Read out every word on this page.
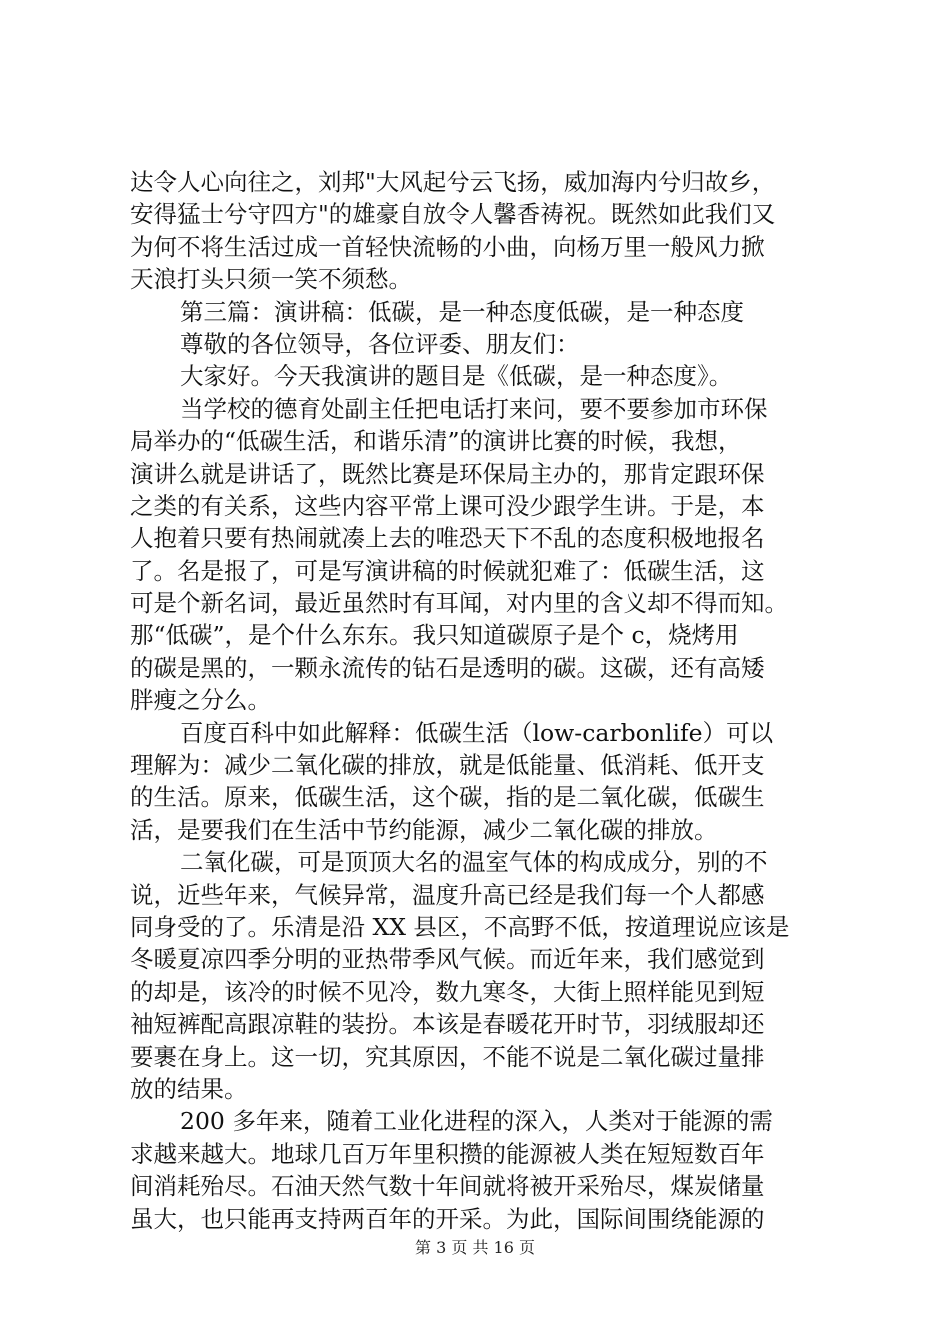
达令人心向往之，刘邦"大风起兮云飞扬，威加海内兮归故乡，
安得猛士兮守四方"的雄豪自放令人馨香祷祝。既然如此我们又
为何不将生活过成一首轻快流畅的小曲，向杨万里一般风力掀
天浪打头只须一笑不须愁。
第三篇：演讲稿：低碳，是一种态度低碳，是一种态度
尊敬的各位领导，各位评委、朋友们：
大家好。今天我演讲的题目是《低碳，是一种态度》。
当学校的德育处副主任把电话打来问，要不要参加市环保
局举办的“低碳生活，和谐乐清”的演讲比赛的时候，我想，
演讲么就是讲话了，既然比赛是环保局主办的，那肯定跟环保
之类的有关系，这些内容平常上课可没少跟学生讲。于是，本
人抱着只要有热闹就凑上去的唯恐天下不乱的态度积极地报名
了。名是报了，可是写演讲稿的时候就犯难了：低碳生活，这
可是个新名词，最近虽然时有耳闻，对内里的含义却不得而知。
那“低碳”，是个什么东东。我只知道碳原子是个 c，烧烤用
的碳是黑的，一颗永流传的钻石是透明的碳。这碳，还有高矮
胖瘦之分么。
百度百科中如此解释：低碳生活（low-carbonlife）可以
理解为：减少二氧化碳的排放，就是低能量、低消耗、低开支
的生活。原来，低碳生活，这个碳，指的是二氧化碳，低碳生
活，是要我们在生活中节约能源，减少二氧化碳的排放。
二氧化碳，可是顶顶大名的温室气体的构成成分，别的不
说，近些年来，气候异常，温度升高已经是我们每一个人都感
同身受的了。乐清是沿 XX 县区，不高野不低，按道理说应该是
冬暖夏凉四季分明的亚热带季风气候。而近年来，我们感觉到
的却是，该冷的时候不见冷，数九寒冬，大街上照样能见到短
袖短裤配高跟凉鞋的装扮。本该是春暖花开时节，羽绒服却还
要裹在身上。这一切，究其原因，不能不说是二氧化碳过量排
放的结果。
200 多年来，随着工业化进程的深入，人类对于能源的需
求越来越大。地球几百万年里积攒的能源被人类在短短数百年
间消耗殆尽。石油天然气数十年间就将被开采殆尽，煤炭储量
虽大，也只能再支持两百年的开采。为此，国际间围绕能源的
第 3 页 共 16 页
